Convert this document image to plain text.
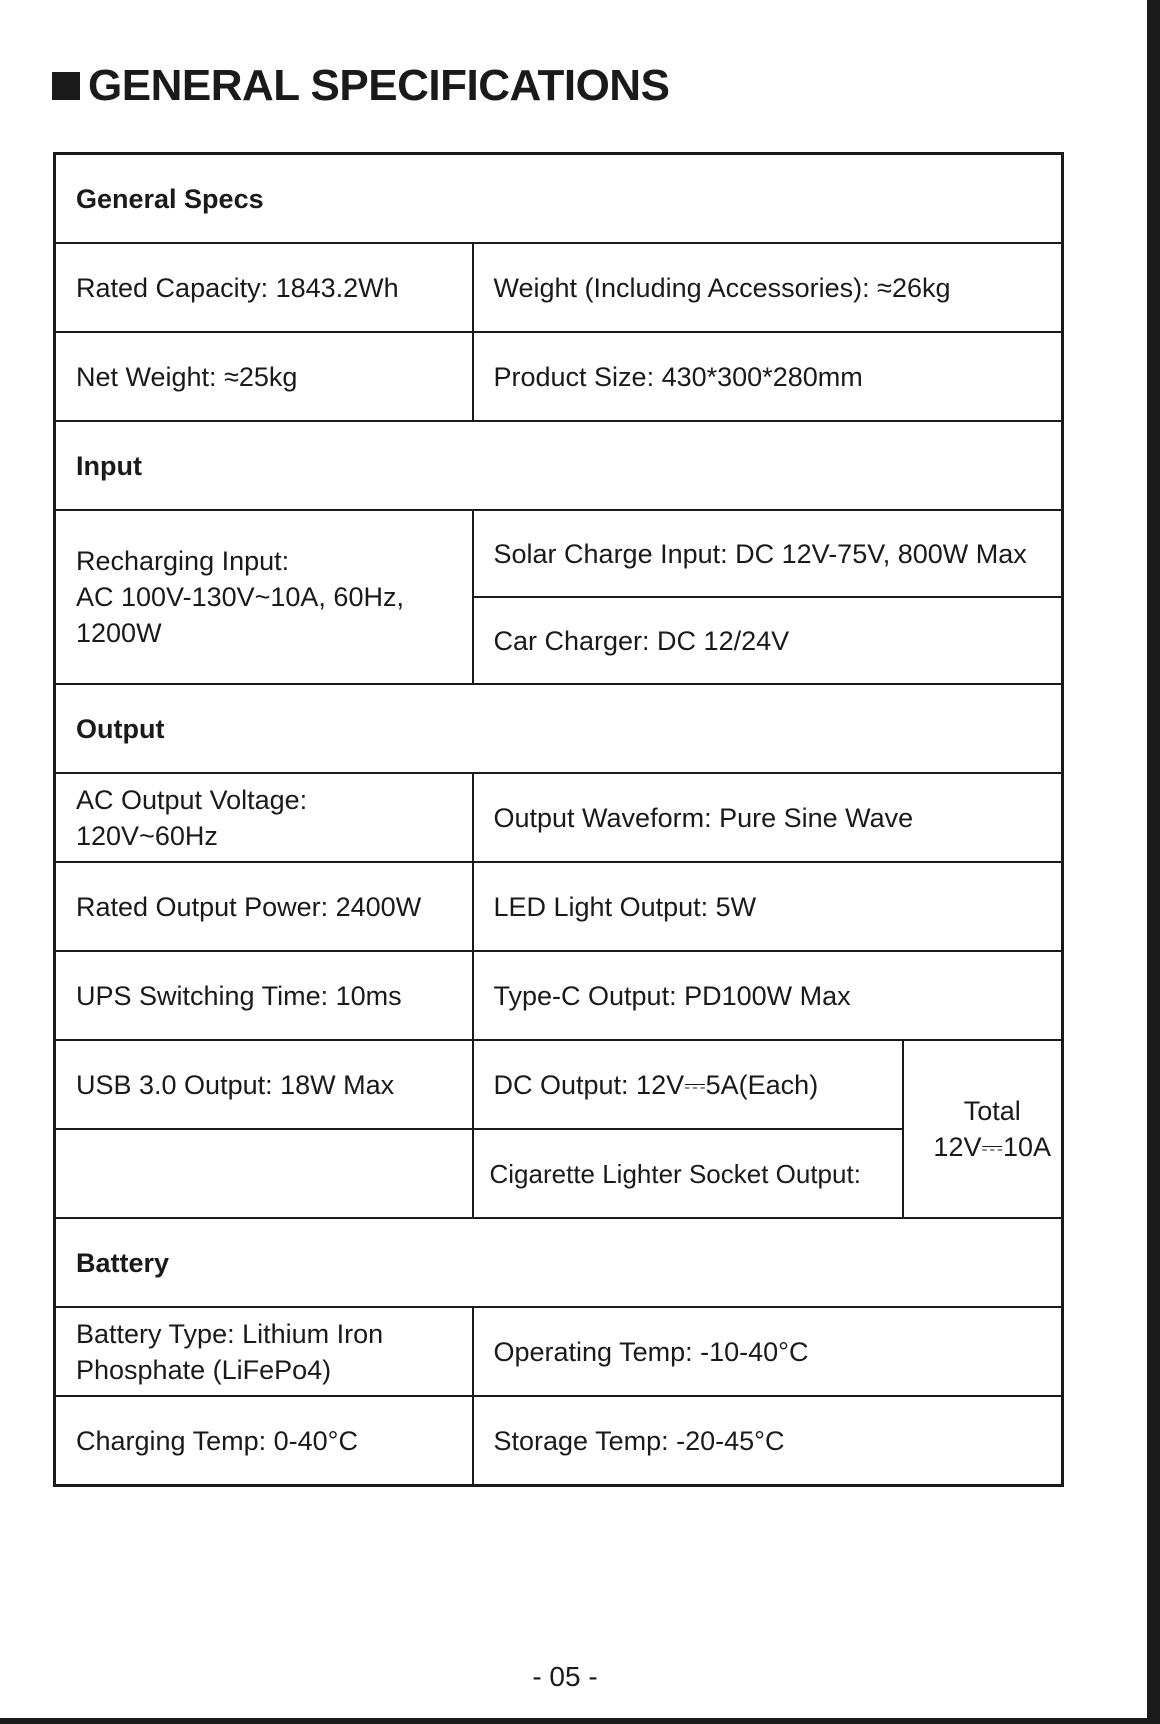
GENERAL SPECIFICATIONS
General Specs		
Rated Capacity: 1843.2Wh	Weight (Including Accessories): ≈26kg	
Net Weight: ≈25kg	Product Size: 430*300*280mm	
Input		

Recharging Input:
AC 100V-130V~10A, 60Hz,
1200W	Solar Charge Input: DC 12V-75V, 800W Max	
	Car Charger: DC 12/24V	
Output		

AC Output Voltage:
120V~60Hz	Output Waveform: Pure Sine Wave	
Rated Output Power: 2400W	LED Light Output: 5W	
UPS Switching Time: 10ms	Type-C Output: PD100W Max	
USB 3.0 Output: 18W Max	DC Output: 12V⎓5A(Each)	Total
12V⎓10A

	Cigarette Lighter Socket Output:	
Battery		

Battery Type: Lithium Iron
Phosphate (LiFePo4)	Operating Temp: -10-40°C	
Charging Temp: 0-40°C	Storage Temp: -20-45°C	
- 05 -
